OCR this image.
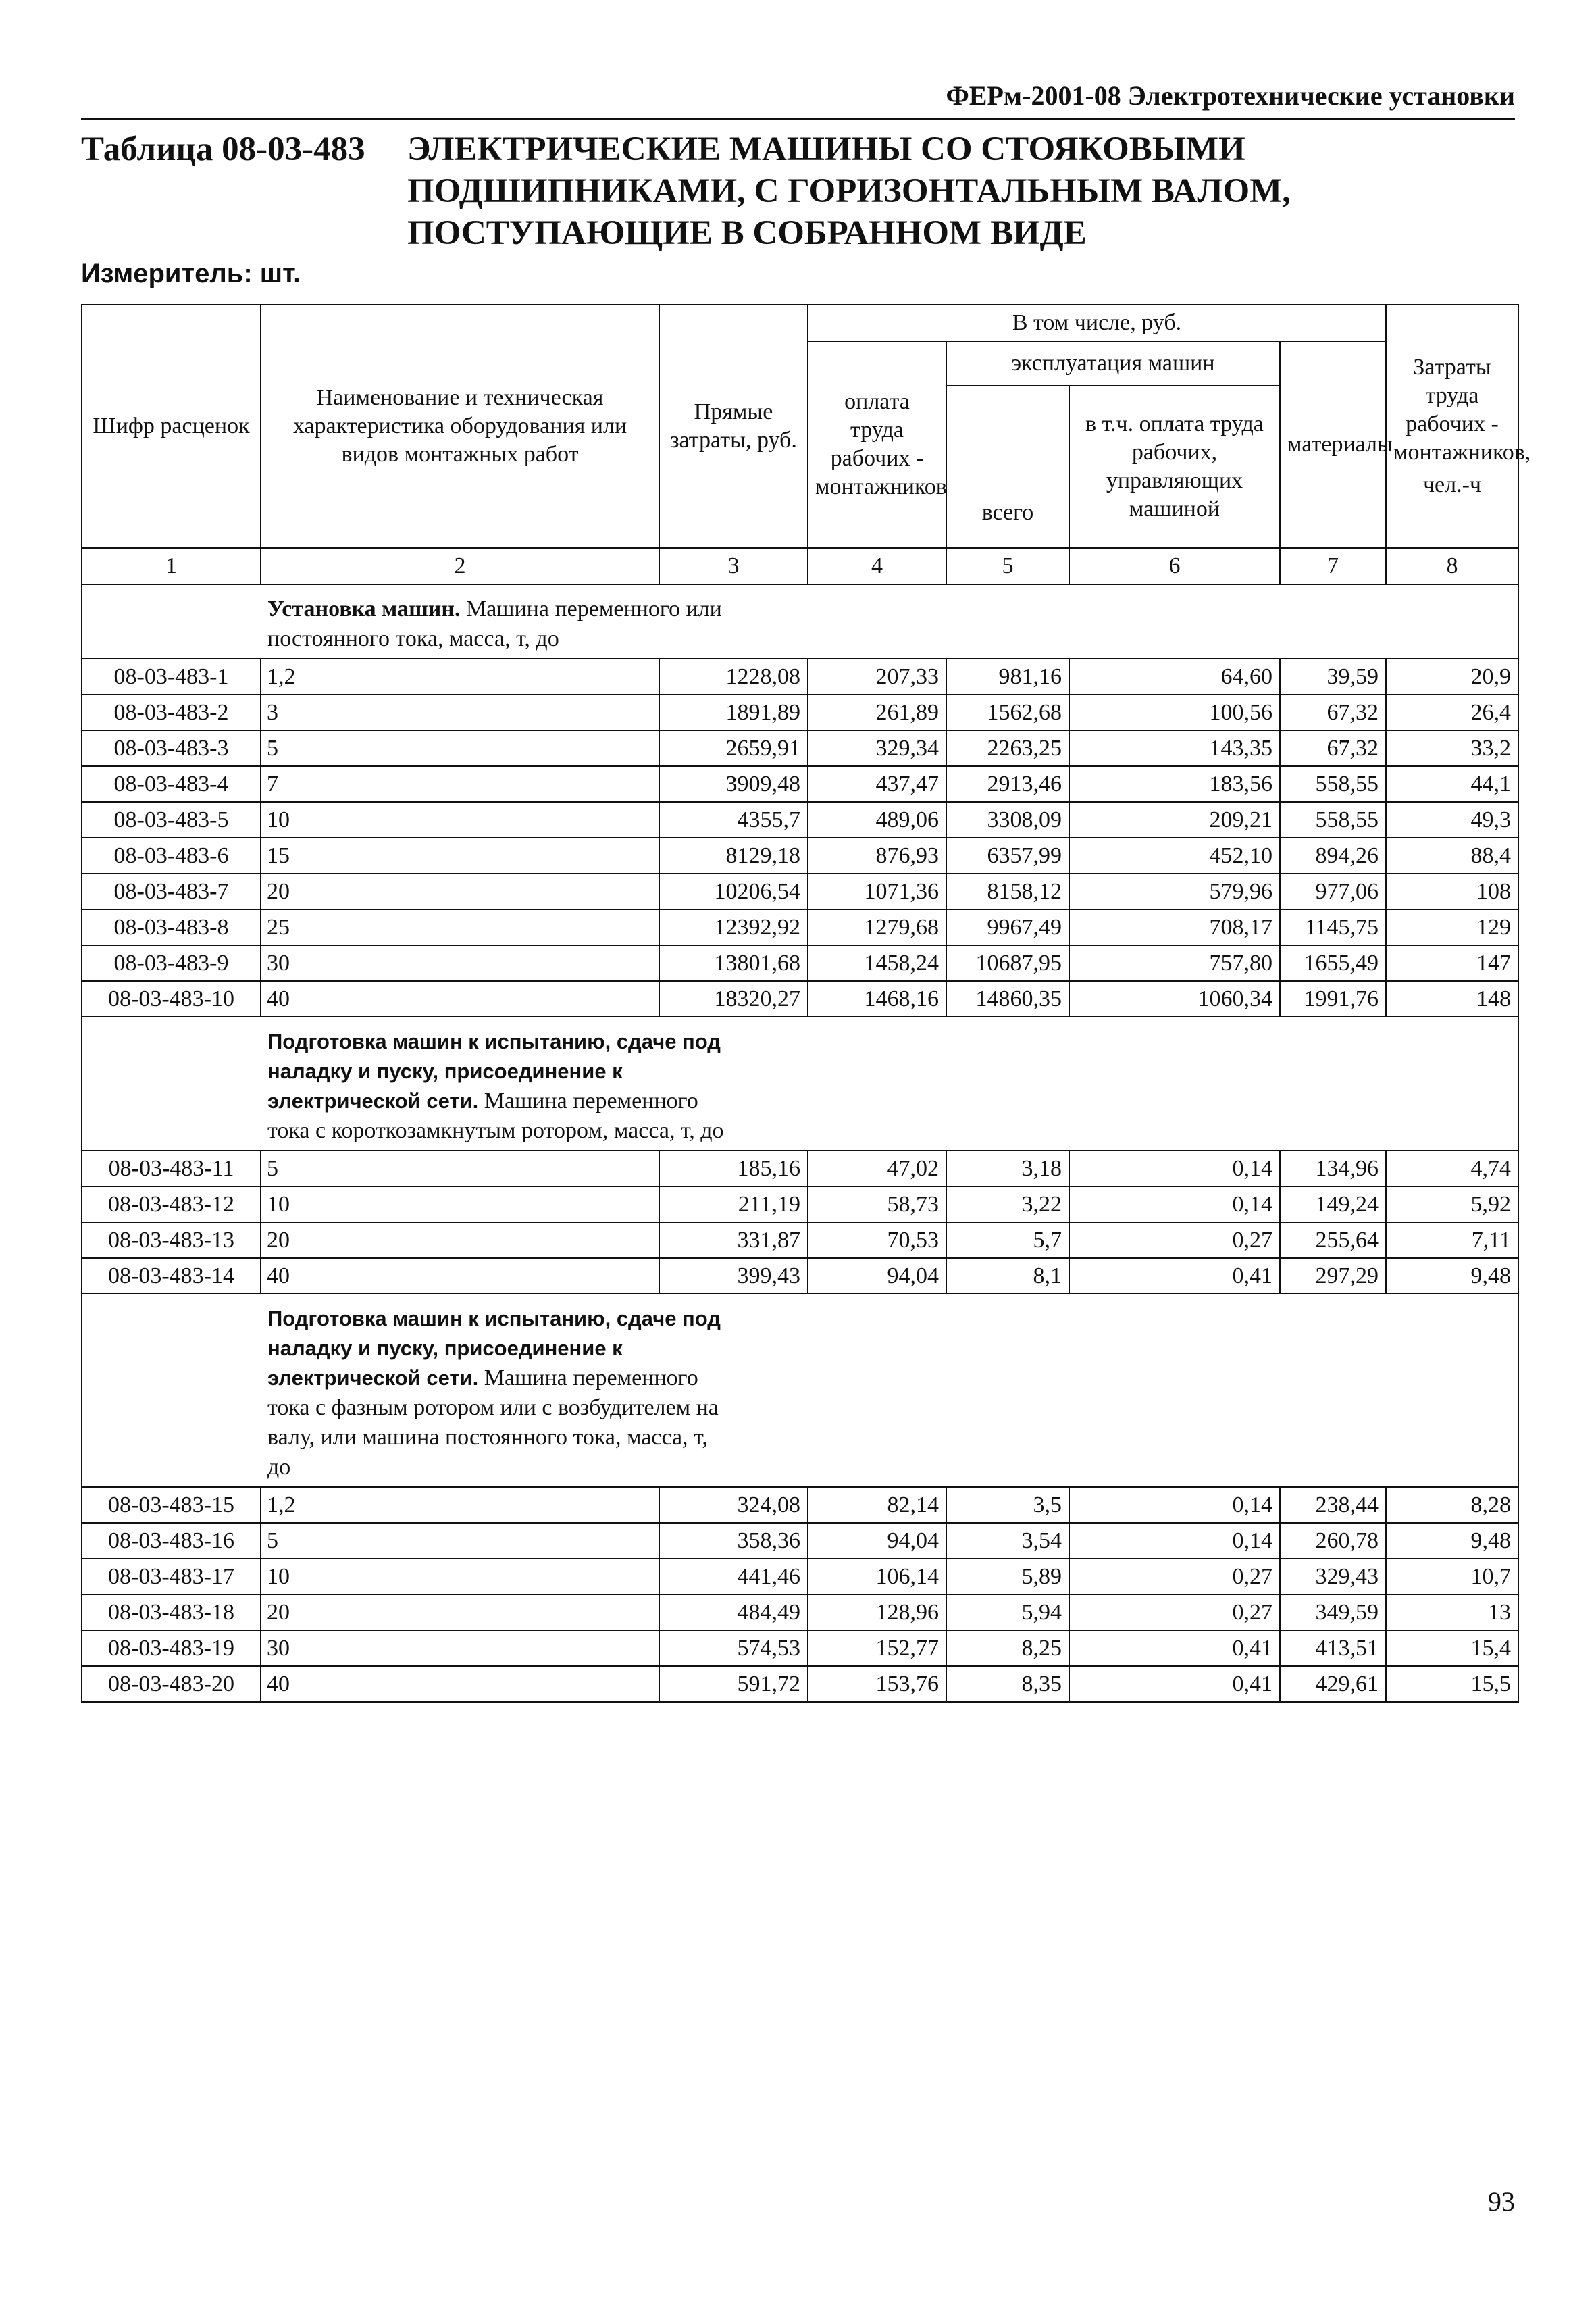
ФЕРм-2001-08 Электротехнические установки
Таблица 08-03-483 ЭЛЕКТРИЧЕСКИЕ МАШИНЫ СО СТОЯКОВЫМИ ПОДШИПНИКАМИ, С ГОРИЗОНТАЛЬНЫМ ВАЛОМ, ПОСТУПАЮЩИЕ В СОБРАННОМ ВИДЕ
Измеритель: шт.
Шифр расценок	Наименование и техническая характеристика оборудования или видов монтажных работ	Прямые затраты, руб.	В том числе, руб.				Затраты труда рабочих - монтажников,
чел.-ч

			оплата труда рабочих - монтажников	эксплуатация машин		материалы	
				всего	в т.ч. оплата труда рабочих, управляющих машиной		
1	2	3	4	5	6	7	8
	Установка машин. Машина переменного или постоянного тока, масса, т, до						
08-03-483-1	1,2	1228,08	207,33	981,16	64,60	39,59	20,9
08-03-483-2	3	1891,89	261,89	1562,68	100,56	67,32	26,4
08-03-483-3	5	2659,91	329,34	2263,25	143,35	67,32	33,2
08-03-483-4	7	3909,48	437,47	2913,46	183,56	558,55	44,1
08-03-483-5	10	4355,7	489,06	3308,09	209,21	558,55	49,3
08-03-483-6	15	8129,18	876,93	6357,99	452,10	894,26	88,4
08-03-483-7	20	10206,54	1071,36	8158,12	579,96	977,06	108
08-03-483-8	25	12392,92	1279,68	9967,49	708,17	1145,75	129
08-03-483-9	30	13801,68	1458,24	10687,95	757,80	1655,49	147
08-03-483-10	40	18320,27	1468,16	14860,35	1060,34	1991,76	148
	Подготовка машин к испытанию, сдаче под наладку и пуску, присоединение к электрической сети. Машина переменного тока с короткозамкнутым ротором, масса, т, до						
08-03-483-11	5	185,16	47,02	3,18	0,14	134,96	4,74
08-03-483-12	10	211,19	58,73	3,22	0,14	149,24	5,92
08-03-483-13	20	331,87	70,53	5,7	0,27	255,64	7,11
08-03-483-14	40	399,43	94,04	8,1	0,41	297,29	9,48
	Подготовка машин к испытанию, сдаче под наладку и пуску, присоединение к электрической сети. Машина переменного тока с фазным ротором или с возбудителем на валу, или машина постоянного тока, масса, т, до						
08-03-483-15	1,2	324,08	82,14	3,5	0,14	238,44	8,28
08-03-483-16	5	358,36	94,04	3,54	0,14	260,78	9,48
08-03-483-17	10	441,46	106,14	5,89	0,27	329,43	10,7
08-03-483-18	20	484,49	128,96	5,94	0,27	349,59	13
08-03-483-19	30	574,53	152,77	8,25	0,41	413,51	15,4
08-03-483-20	40	591,72	153,76	8,35	0,41	429,61	15,5
93
